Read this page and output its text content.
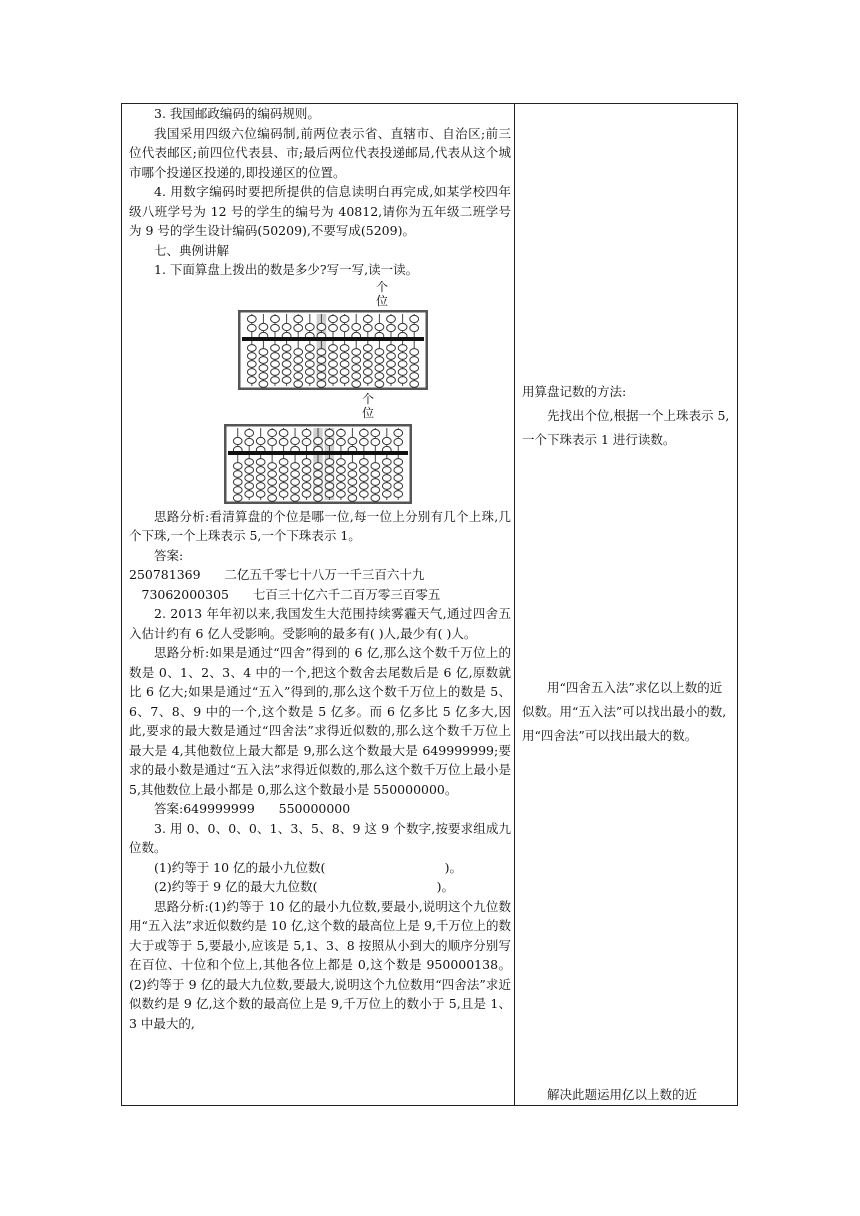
3. 我国邮政编码的编码规则。

我国采用四级六位编码制,前两位表示省、直辖市、自治区;前三位代表邮区;前四位代表县、市;最后两位代表投递邮局,代表从这个城市哪个投递区投递的,即投递区的位置。

4. 用数字编码时要把所提供的信息读明白再完成,如某学校四年级八班学号为 12 号的学生的编号为 40812,请你为五年级二班学号为 9 号的学生设计编码(50209),不要写成(5209)。

七、典例讲解

1. 下面算盘上拨出的数是多少?写一写,读一读。

个位
个位

思路分析:看清算盘的个位是哪一位,每一位上分别有几个上珠,几个下珠,一个上珠表示 5,一个下珠表示 1。

答案:

250781369      二亿五千零七十八万一千三百六十九

73062000305      七百三十亿六千二百万零三百零五

2. 2013 年年初以来,我国发生大范围持续雾霾天气,通过四舍五入估计约有 6 亿人受影响。受影响的最多有( )人,最少有( )人。

思路分析:如果是通过“四舍”得到的 6 亿,那么这个数千万位上的数是 0、1、2、3、4 中的一个,把这个数舍去尾数后是 6 亿,原数就比 6 亿大;如果是通过“五入”得到的,那么这个数千万位上的数是 5、6、7、8、9 中的一个,这个数是 5 亿多。而 6 亿多比 5 亿多大,因此,要求的最大数是通过“四舍法”求得近似数的,那么这个数千万位上最大是 4,其他数位上最大都是 9,那么这个数最大是 649999999;要求的最小数是通过“五入法”求得近似数的,那么这个数千万位上最小是 5,其他数位上最小都是 0,那么这个数最小是 550000000。

答案:649999999      550000000

3. 用 0、0、0、0、1、3、5、8、9 这 9 个数字,按要求组成九位数。

(1)约等于 10 亿的最小九位数(                              )。

(2)约等于 9 亿的最大九位数(                              )。

思路分析:(1)约等于 10 亿的最小九位数,要最小,说明这个九位数用“五入法”求近似数约是 10 亿,这个数的最高位上是 9,千万位上的数大于或等于 5,要最小,应该是 5,1、3、8 按照从小到大的顺序分别写在百位、十位和个位上,其他各位上都是 0,这个数是 950000138。(2)约等于 9 亿的最大九位数,要最大,说明这个九位数用“四舍法”求近似数约是 9 亿,这个数的最高位上是 9,千万位上的数小于 5,且是 1、3 中最大的,

用算盘记数的方法:

先找出个位,根据一个上珠表示 5,一个下珠表示 1 进行读数。

用“四舍五入法”求亿以上数的近似数。用“五入法”可以找出最小的数,用“四舍法”可以找出最大的数。

解决此题运用亿以上数的近
